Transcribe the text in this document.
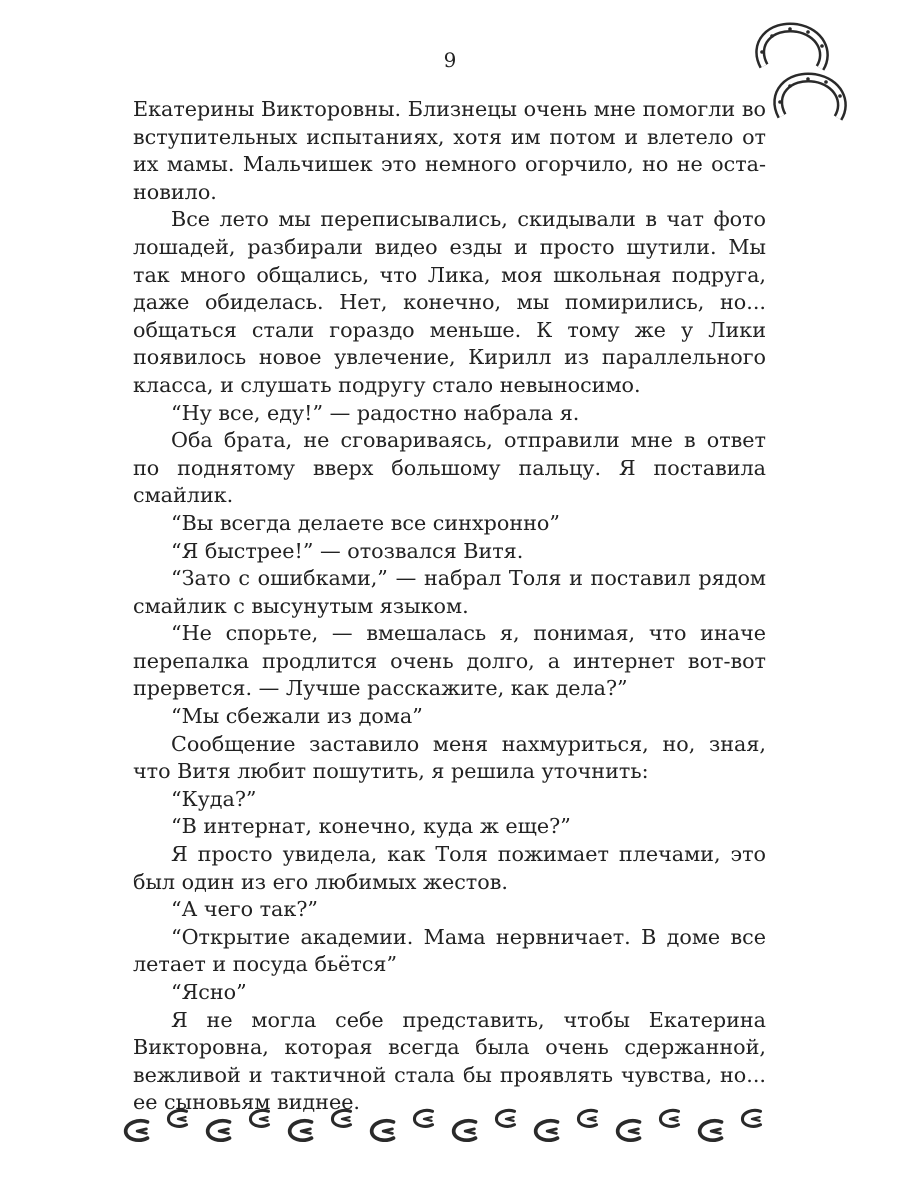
9

Екатерины Викторовны. Близнецы очень мне помогли во вступительных испытаниях, хотя им потом и влетело от их мамы. Мальчишек это немного огорчило, но не остановило.

Все лето мы переписывались, скидывали в чат фото лошадей, разбирали видео езды и просто шутили. Мы так много общались, что Лика, моя школьная подруга, даже обиделась. Нет, конечно, мы помирились, но... общаться стали гораздо меньше. К тому же у Лики появилось новое увлечение, Кирилл из параллельного класса, и слушать подругу стало невыносимо.

“Ну все, еду!” — радостно набрала я.

Оба брата, не сговариваясь, отправили мне в ответ по поднятому вверх большому пальцу. Я поставила смайлик.

“Вы всегда делаете все синхронно”

“Я быстрее!” — отозвался Витя.

“Зато с ошибками,” — набрал Толя и поставил рядом смайлик с высунутым языком.

“Не спорьте, — вмешалась я, понимая, что иначе перепалка продлится очень долго, а интернет вот-вот прервется. — Лучше расскажите, как дела?”

“Мы сбежали из дома”

Сообщение заставило меня нахмуриться, но, зная, что Витя любит пошутить, я решила уточнить:

“Куда?”

“В интернат, конечно, куда ж еще?”

Я просто увидела, как Толя пожимает плечами, это был один из его любимых жестов.

“А чего так?”

“Открытие академии. Мама нервничает. В доме все летает и посуда бьётся”

“Ясно”

Я не могла себе представить, чтобы Екатерина Викторовна, которая всегда была очень сдержанной, вежливой и тактичной стала бы проявлять чувства, но... ее сыновьям виднее.
